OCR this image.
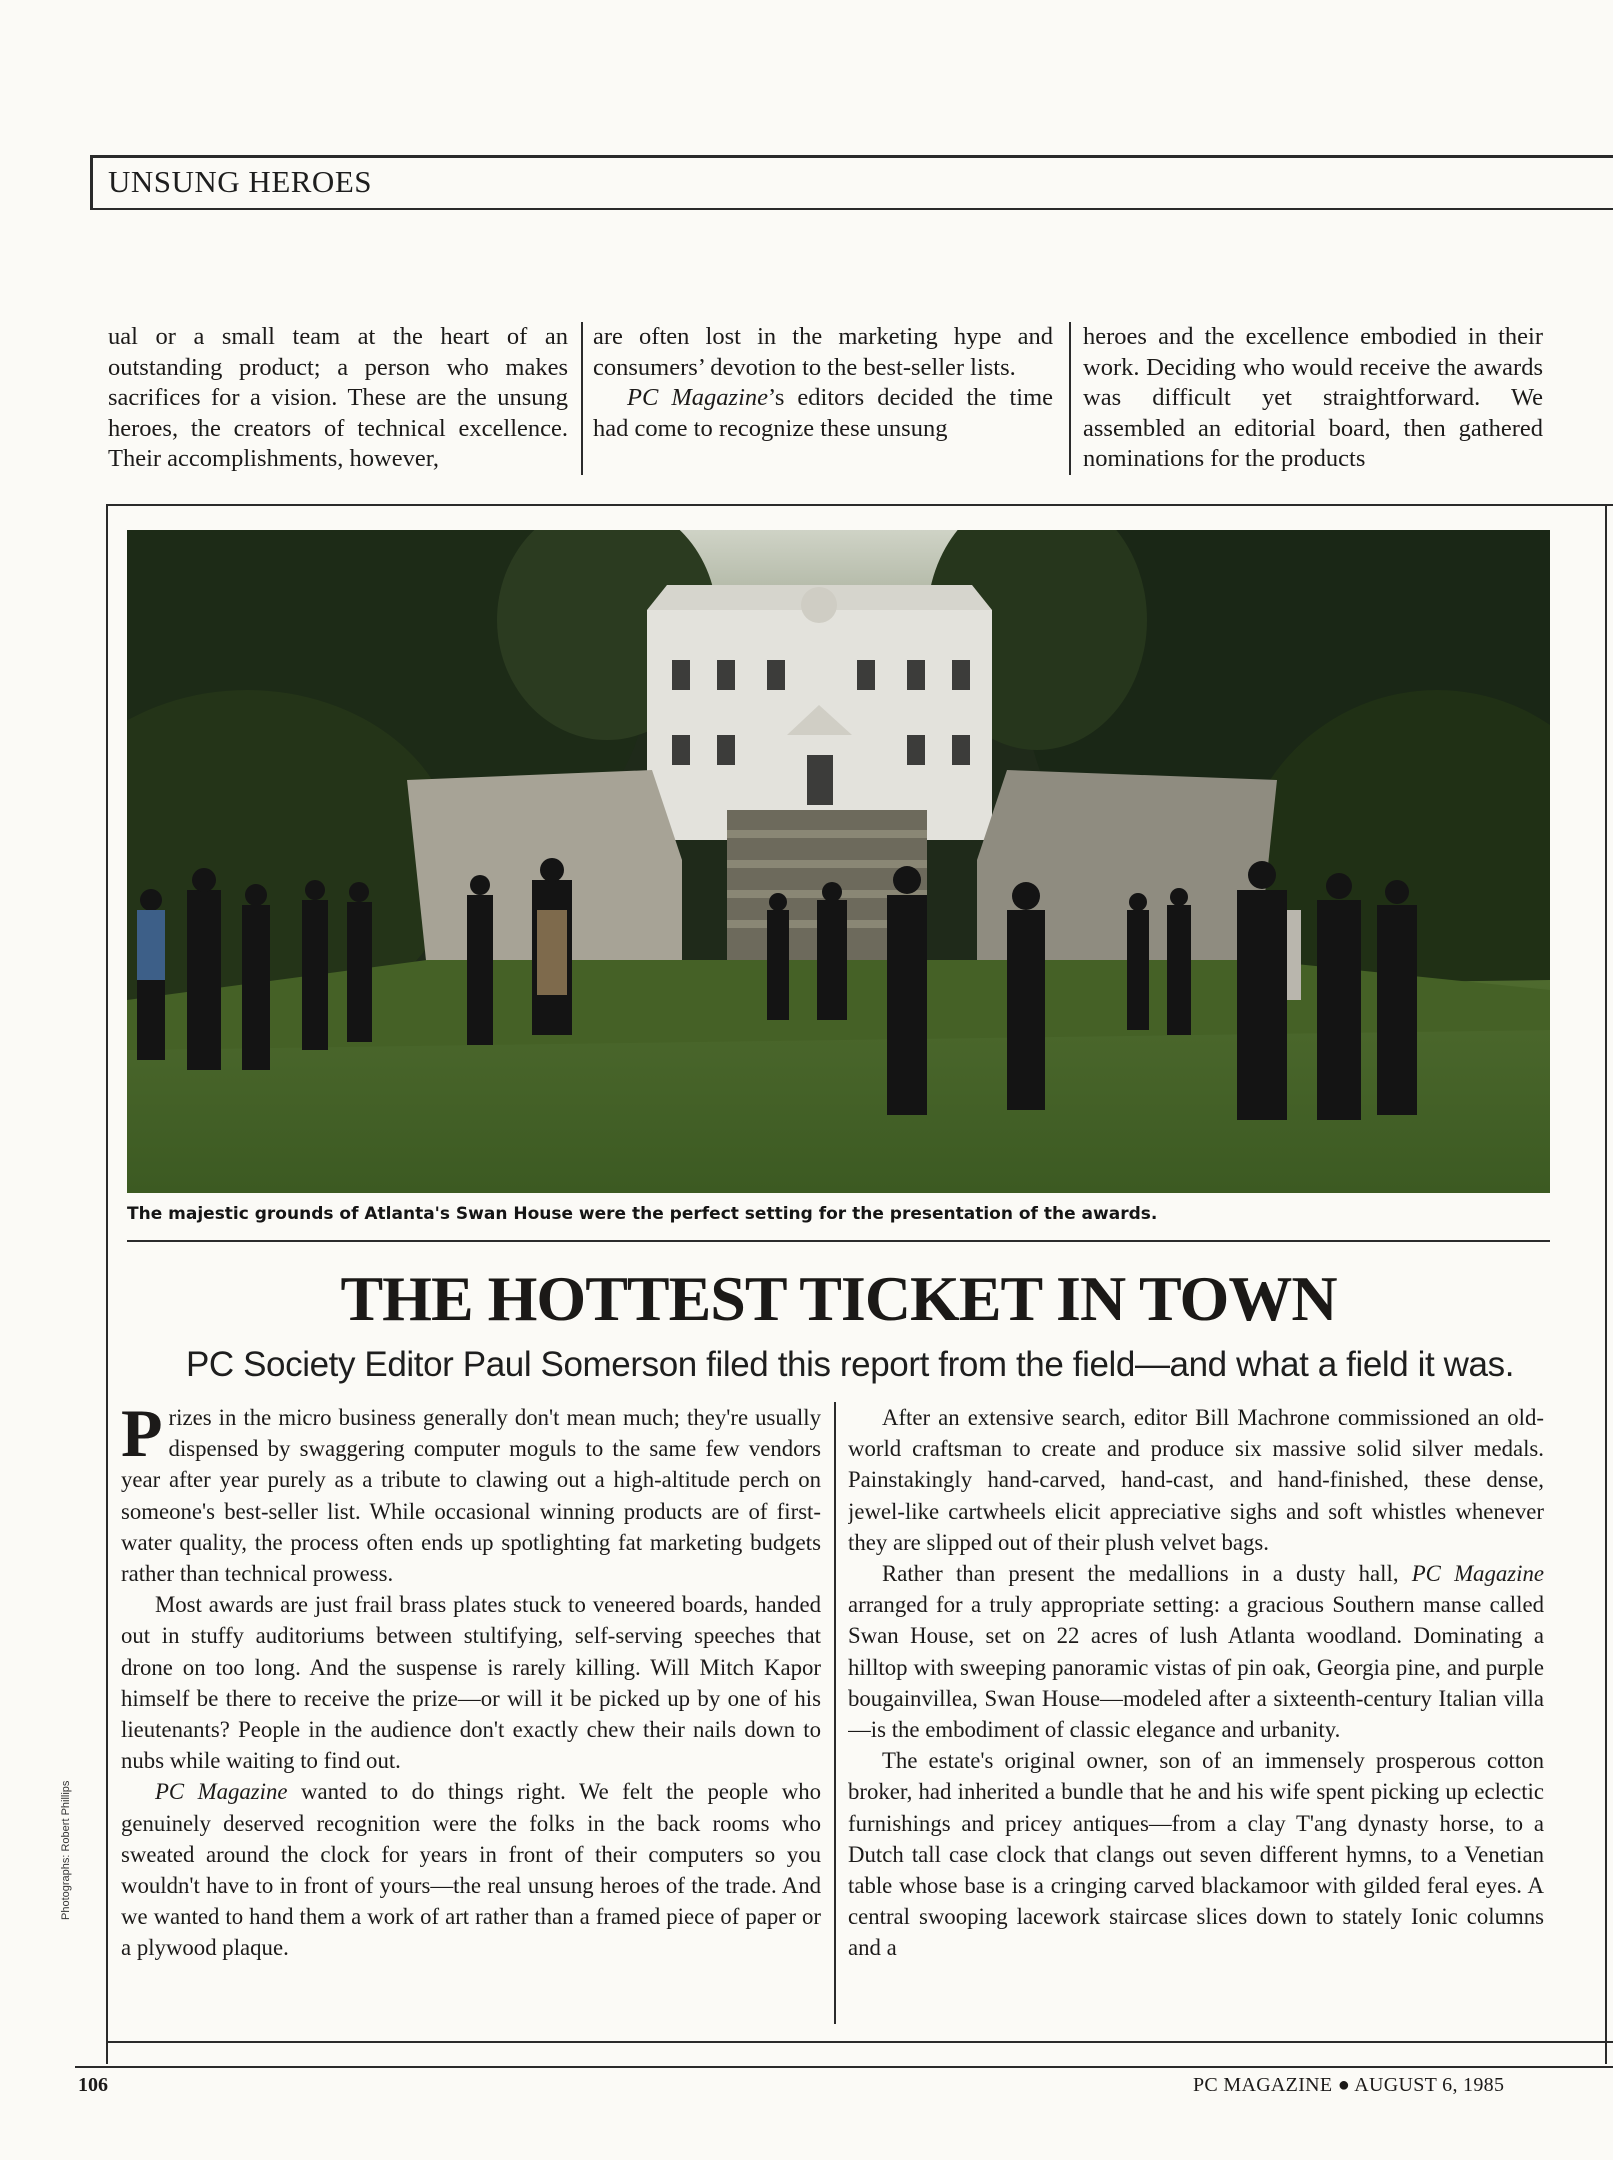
UNSUNG HEROES

ual or a small team at the heart of an outstanding product; a person who makes sacrifices for a vision. These are the unsung heroes, the creators of technical excellence. Their accomplishments, however,

are often lost in the marketing hype and consumers’ devotion to the best-seller lists.

PC Magazine’s editors decided the time had come to recognize these unsung

heroes and the excellence embodied in their work. Deciding who would receive the awards was difficult yet straightforward. We assembled an editorial board, then gathered nominations for the products

The majestic grounds of Atlanta's Swan House were the perfect setting for the presentation of the awards.
THE HOTTEST TICKET IN TOWN
PC Society Editor Paul Somerson filed this report from the field—and what a field it was.

Prizes in the micro business generally don't mean much; they're usually dispensed by swaggering computer moguls to the same few vendors year after year purely as a tribute to clawing out a high-altitude perch on someone's best-seller list. While occasional winning products are of first-water quality, the process often ends up spotlighting fat marketing budgets rather than technical prowess.

Most awards are just frail brass plates stuck to veneered boards, handed out in stuffy auditoriums between stultifying, self-serving speeches that drone on too long. And the suspense is rarely killing. Will Mitch Kapor himself be there to receive the prize—or will it be picked up by one of his lieutenants? People in the audience don't exactly chew their nails down to nubs while waiting to find out.

PC Magazine wanted to do things right. We felt the people who genuinely deserved recognition were the folks in the back rooms who sweated around the clock for years in front of their computers so you wouldn't have to in front of yours—the real unsung heroes of the trade. And we wanted to hand them a work of art rather than a framed piece of paper or a plywood plaque.

After an extensive search, editor Bill Machrone commissioned an old-world craftsman to create and produce six massive solid silver medals. Painstakingly hand-carved, hand-cast, and hand-finished, these dense, jewel-like cartwheels elicit appreciative sighs and soft whistles whenever they are slipped out of their plush velvet bags.

Rather than present the medallions in a dusty hall, PC Magazine arranged for a truly appropriate setting: a gracious Southern manse called Swan House, set on 22 acres of lush Atlanta woodland. Dominating a hilltop with sweeping panoramic vistas of pin oak, Georgia pine, and purple bougainvillea, Swan House—modeled after a sixteenth-century Italian villa—is the embodiment of classic elegance and urbanity.

The estate's original owner, son of an immensely prosperous cotton broker, had inherited a bundle that he and his wife spent picking up eclectic furnishings and pricey antiques—from a clay T'ang dynasty horse, to a Dutch tall case clock that clangs out seven different hymns, to a Venetian table whose base is a cringing carved blackamoor with gilded feral eyes. A central swooping lacework staircase slices down to stately Ionic columns and a

Photographs: Robert Phillips
106	PC MAGAZINE ● AUGUST 6, 1985
